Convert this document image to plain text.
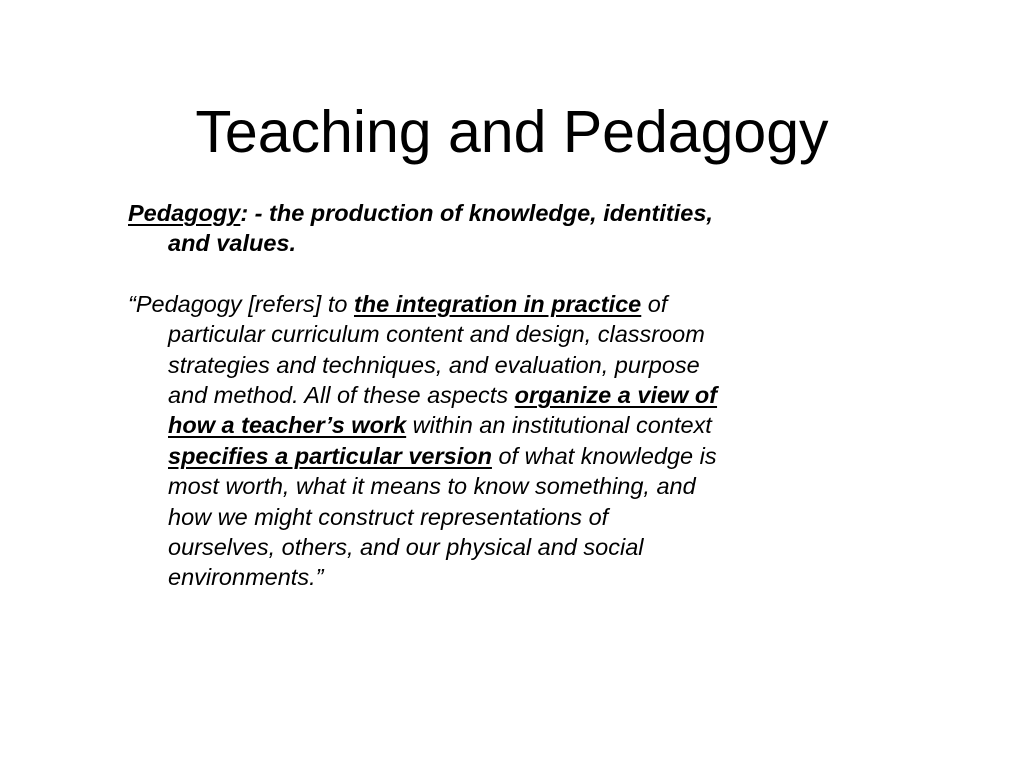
Teaching and Pedagogy

Pedagogy: - the production of knowledge, identities, and values.

“Pedagogy [refers] to the integration in practice of particular curriculum content and design, classroom strategies and techniques, and evaluation, purpose and method. All of these aspects organize a view of how a teacher’s work within an institutional context specifies a particular version of what knowledge is most worth, what it means to know something, and how we might construct representations of ourselves, others, and our physical and social environments.”
